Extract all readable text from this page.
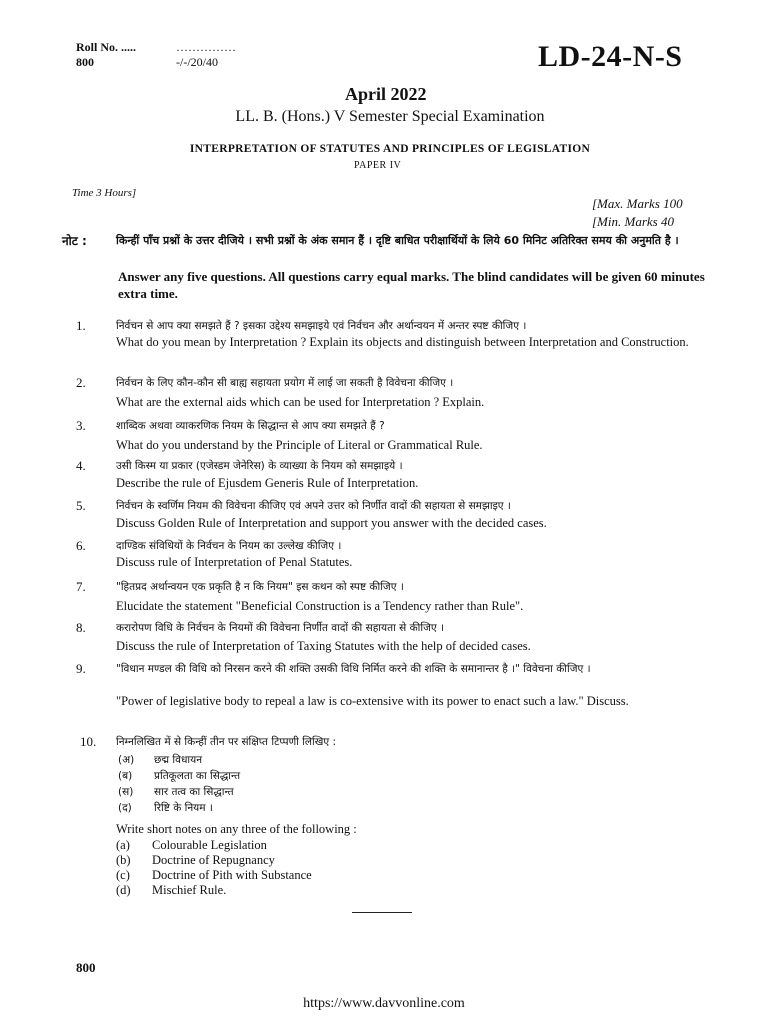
Roll No. .....
800
……………
-/-/20/40	LD-24-N-S
April 2022
LL. B. (Hons.) V Semester Special Examination
INTERPRETATION OF STATUTES AND PRINCIPLES OF LEGISLATION
PAPER IV
Time 3 Hours]
[Max. Marks 100
[Min. Marks 40
नोट :	किन्हीं पाँच प्रश्नों के उत्तर दीजिये । सभी प्रश्नों के अंक समान हैं । दृष्टि बाधित परीक्षार्थियों के लिये 60 मिनिट अतिरिक्त समय की अनुमति है ।
Answer any five questions. All questions carry equal marks. The blind candidates will be given 60 minutes extra time.
1.	निर्वचन से आप क्या समझते हैं ? इसका उद्देश्य समझाइये एवं निर्वचन और अर्थान्वयन में अन्तर स्पष्ट कीजिए ।
What do you mean by Interpretation ? Explain its objects and distinguish between Interpretation and Construction.
2.	निर्वचन के लिए कौन-कौन सी बाह्य सहायता प्रयोग में लाई जा सकती है विवेचना कीजिए ।
What are the external aids which can be used for Interpretation ? Explain.
3.	शाब्दिक अथवा व्याकरणिक नियम के सिद्धान्त से आप क्या समझते हैं ?
What do you understand by the Principle of Literal or Grammatical Rule.
4.	उसी किस्म या प्रकार (एजेस्डम जेनेरिस) के व्याख्या के नियम को समझाइये ।
Describe the rule of Ejusdem Generis Rule of Interpretation.
5.	निर्वचन के स्वर्णिम नियम की विवेचना कीजिए एवं अपने उत्तर को निर्णीत वादों की सहायता से समझाइए ।
Discuss Golden Rule of Interpretation and support you answer with the decided cases.
6.	दाण्डिक संविधियों के निर्वचन के नियम का उल्लेख कीजिए ।
Discuss rule of Interpretation of Penal Statutes.
7.	"हितप्रद अर्थान्वयन एक प्रकृति है न कि नियम" इस कथन को स्पष्ट कीजिए ।
Elucidate the statement "Beneficial Construction is a Tendency rather than Rule".
8.	करारोपण विधि के निर्वचन के नियमों की विवेचना निर्णीत वादों की सहायता से कीजिए ।
Discuss the rule of Interpretation of Taxing Statutes with the help of decided cases.
9.	"विधान मण्डल की विधि को निरसन करने की शक्ति उसकी विधि निर्मित करने की शक्ति के समानान्तर है ।" विवेचना कीजिए ।
"Power of legislative body to repeal a law is co-extensive with its power to enact such a law." Discuss.
10. निम्नलिखित में से किन्हीं तीन पर संक्षिप्त टिप्पणी लिखिए :
(अ) छद्म विधायन
(ब) प्रतिकूलता का सिद्धान्त
(स) सार तत्व का सिद्धान्त
(द) रिष्टि के नियम ।
Write short notes on any three of the following :
(a) Colourable Legislation
(b) Doctrine of Repugnancy
(c) Doctrine of Pith with Substance
(d) Mischief Rule.
800
https://www.davvonline.com
